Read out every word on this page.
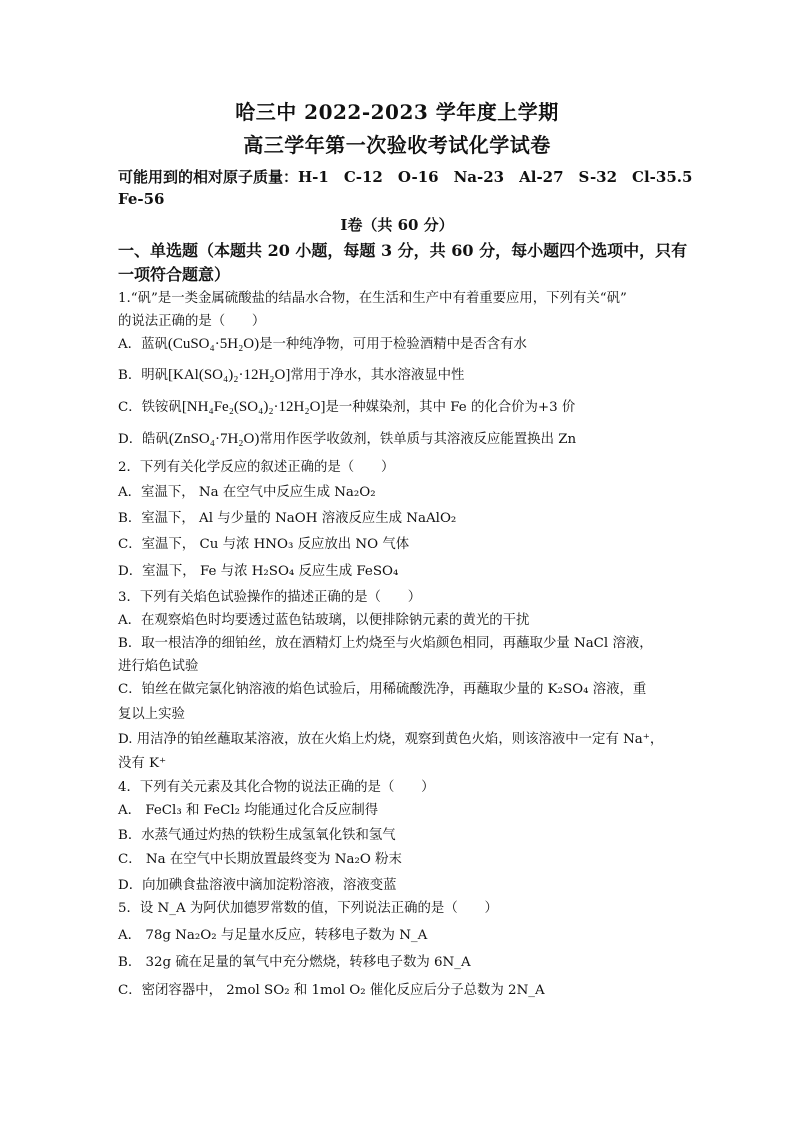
哈三中 2022-2023 学年度上学期
高三学年第一次验收考试化学试卷
可能用到的相对原子质量：H-1　C-12　O-16　Na-23　Al-27　S-32　Cl-35.5
Fe-56
Ⅰ卷（共 60 分）
一、单选题（本题共 20 小题，每题 3 分，共 60 分，每小题四个选项中，只有
一项符合题意）
1.“矾”是一类金属硫酸盐的结晶水合物，在生活和生产中有着重要应用，下列有关“矾”
的说法正确的是（　　）
A．蓝矾(CuSO₄·5H₂O)是一种纯净物，可用于检验酒精中是否含有水
B．明矾[KAl(SO₄)₂·12H₂O]常用于净水，其水溶液显中性
C．铁铵矾[NH₄Fe₂(SO₄)₂·12H₂O]是一种媒染剂，其中 Fe 的化合价为+3 价
D．皓矾(ZnSO₄·7H₂O)常用作医学收敛剂，铁单质与其溶液反应能置换出 Zn
2．下列有关化学反应的叙述正确的是（　　）
A．室温下， Na 在空气中反应生成 Na₂O₂
B．室温下， Al 与少量的 NaOH 溶液反应生成 NaAlO₂
C．室温下， Cu 与浓 HNO₃ 反应放出 NO 气体
D．室温下， Fe 与浓 H₂SO₄ 反应生成 FeSO₄
3．下列有关焰色试验操作的描述正确的是（　　）
A．在观察焰色时均要透过蓝色钴玻璃，以便排除钠元素的黄光的干扰
B．取一根洁净的细铂丝，放在酒精灯上灼烧至与火焰颜色相同，再蘸取少量 NaCl 溶液，
进行焰色试验
C．铂丝在做完氯化钠溶液的焰色试验后，用稀硫酸洗净，再蘸取少量的 K₂SO₄ 溶液，重
复以上实验
D. 用洁净的铂丝蘸取某溶液，放在火焰上灼烧，观察到黄色火焰，则该溶液中一定有 Na⁺，
没有 K⁺
4．下列有关元素及其化合物的说法正确的是（　　）
A． FeCl₃ 和 FeCl₂ 均能通过化合反应制得
B．水蒸气通过灼热的铁粉生成氢氧化铁和氢气
C． Na 在空气中长期放置最终变为 Na₂O 粉末
D．向加碘食盐溶液中滴加淀粉溶液，溶液变蓝
5．设 N_A 为阿伏加德罗常数的值，下列说法正确的是（　　）
A． 78g Na₂O₂ 与足量水反应，转移电子数为 N_A
B． 32g 硫在足量的氧气中充分燃烧，转移电子数为 6N_A
C．密闭容器中， 2mol SO₂ 和 1mol O₂ 催化反应后分子总数为 2N_A
